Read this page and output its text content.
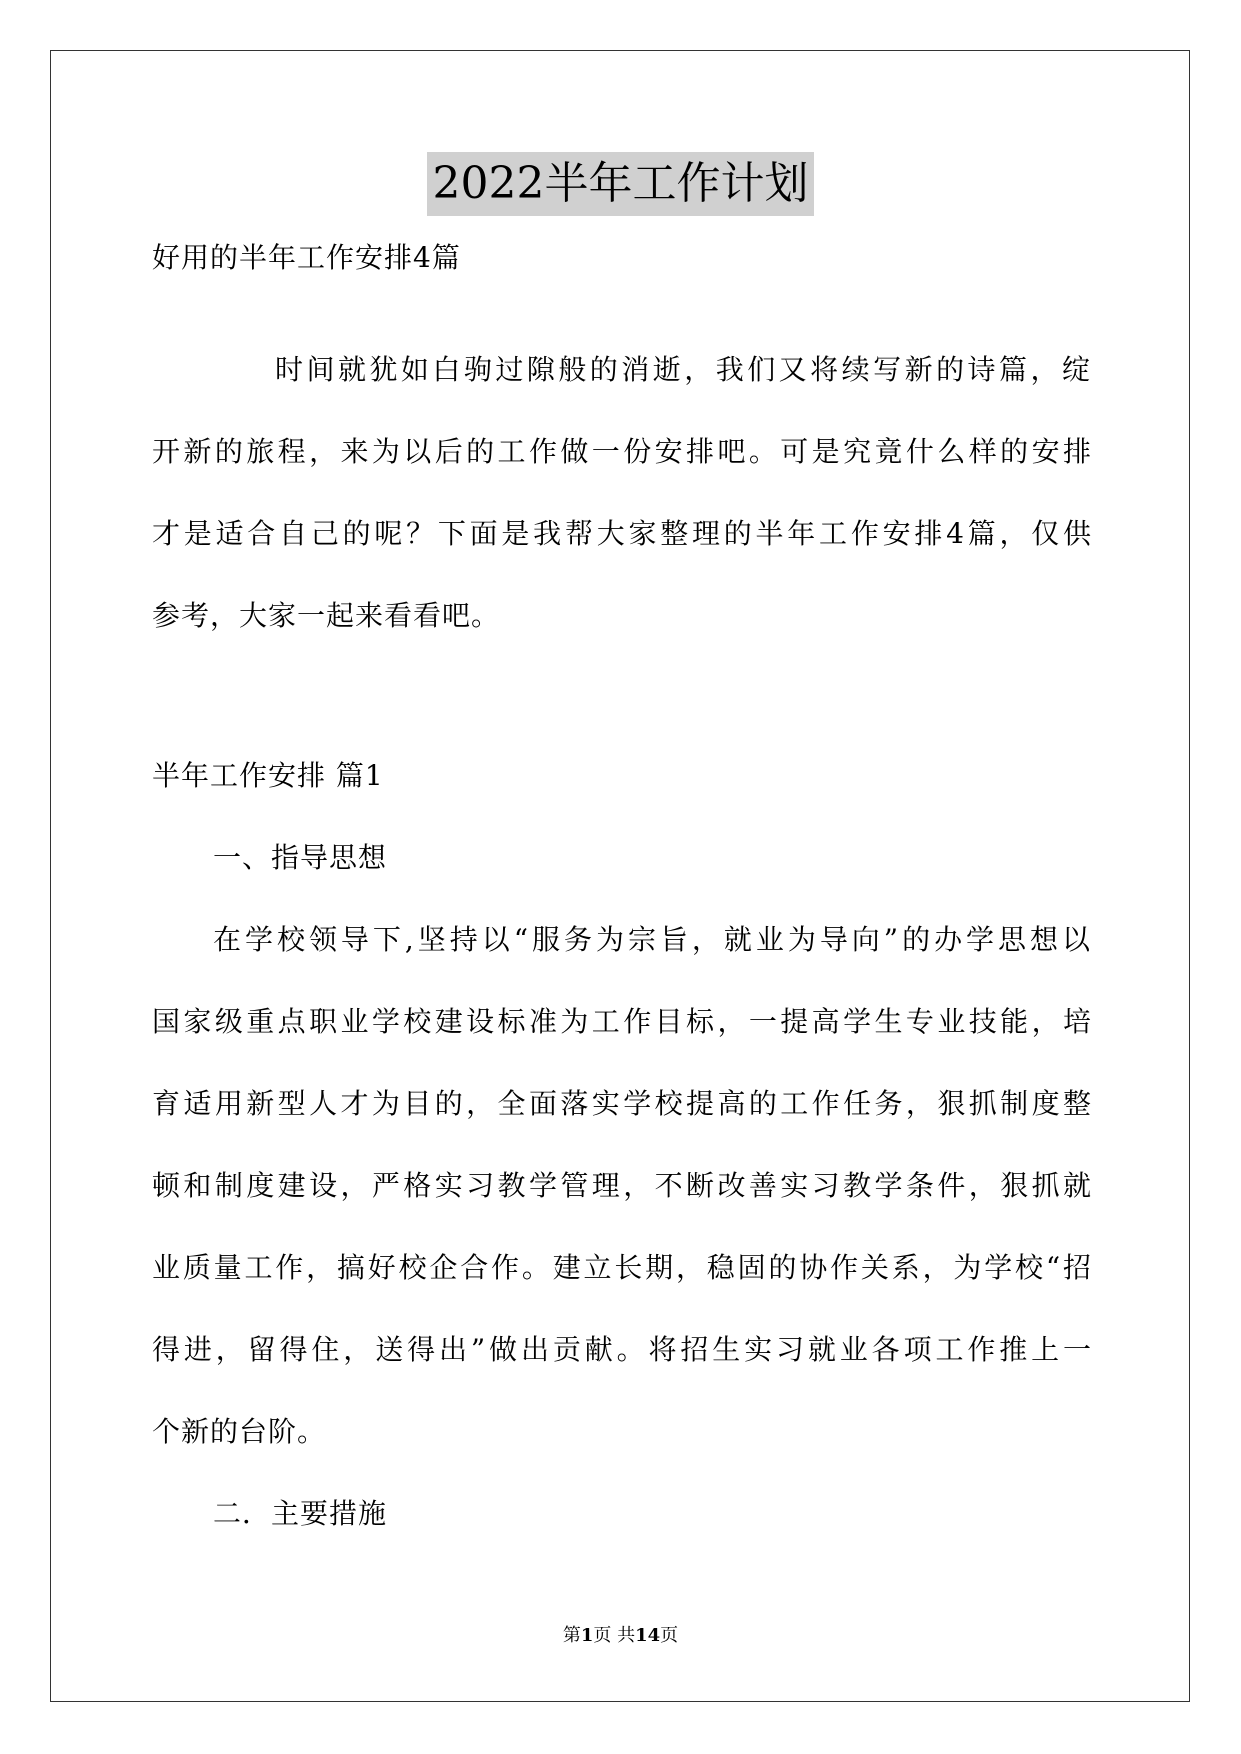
2022半年工作计划
好用的半年工作安排4篇
时间就犹如白驹过隙般的消逝，我们又将续写新的诗篇，绽
开新的旅程，来为以后的工作做一份安排吧。可是究竟什么样的安排
才是适合自己的呢？下面是我帮大家整理的半年工作安排4篇，仅供
参考，大家一起来看看吧。
半年工作安排 篇1
一、指导思想
在学校领导下,坚持以“服务为宗旨，就业为导向”的办学思想以
国家级重点职业学校建设标准为工作目标，一提高学生专业技能，培
育适用新型人才为目的，全面落实学校提高的工作任务，狠抓制度整
顿和制度建设，严格实习教学管理，不断改善实习教学条件，狠抓就
业质量工作，搞好校企合作。建立长期，稳固的协作关系，为学校“招
得进，留得住，送得出”做出贡献。将招生实习就业各项工作推上一
个新的台阶。
二．主要措施
第1页 共14页
